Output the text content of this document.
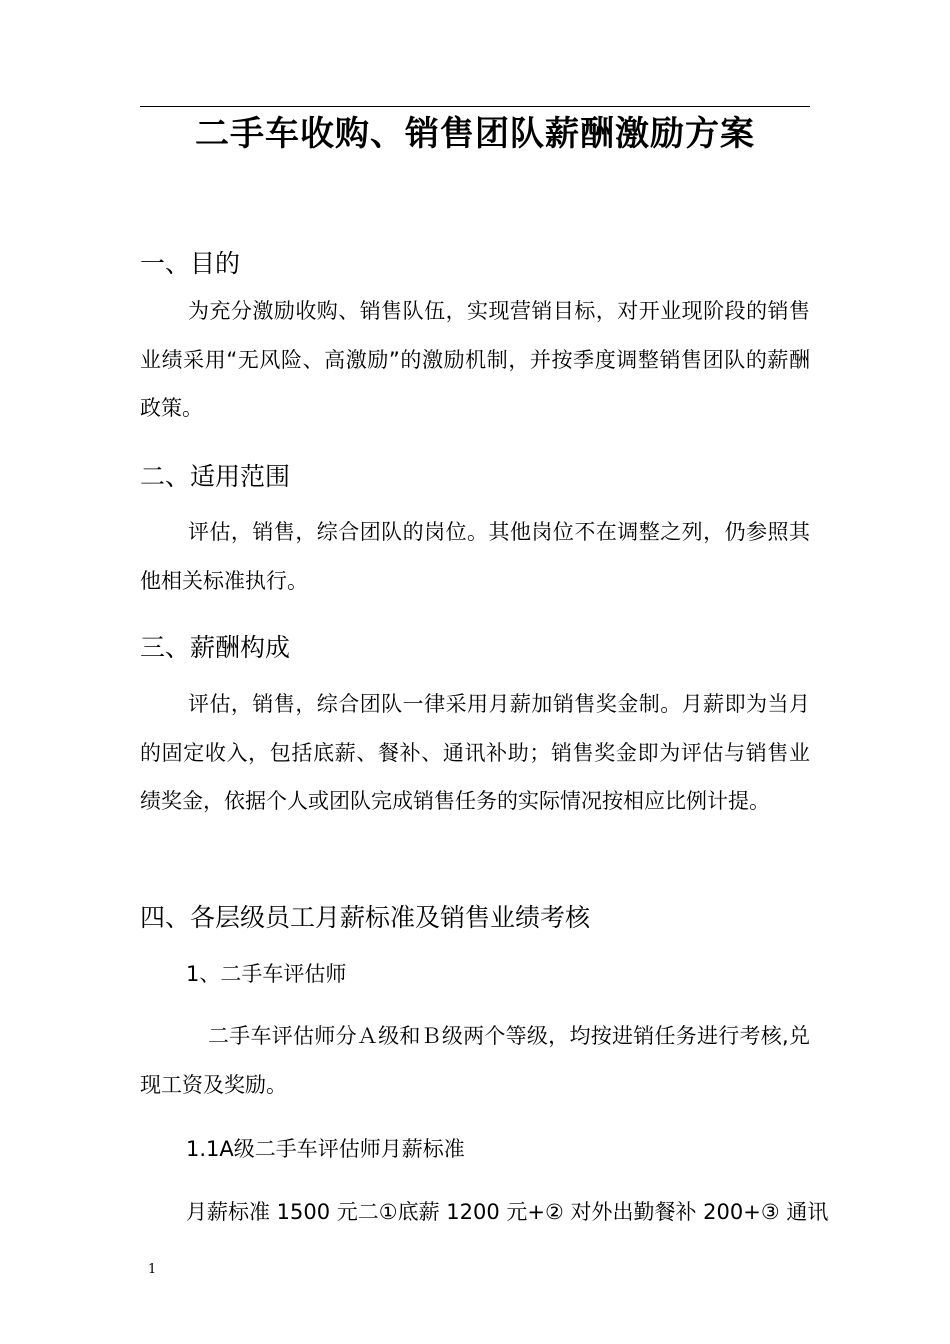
二手车收购、销售团队薪酬激励方案
一、目的
为充分激励收购、销售队伍，实现营销目标，对开业现阶段的销售业绩采用“无风险、高激励”的激励机制，并按季度调整销售团队的薪酬政策。
二、适用范围
评估，销售，综合团队的岗位。其他岗位不在调整之列，仍参照其他相关标准执行。
三、薪酬构成
评估，销售，综合团队一律采用月薪加销售奖金制。月薪即为当月的固定收入，包括底薪、餐补、通讯补助；销售奖金即为评估与销售业绩奖金，依据个人或团队完成销售任务的实际情况按相应比例计提。
四、各层级员工月薪标准及销售业绩考核
1、二手车评估师
二手车评估师分Ａ级和Ｂ级两个等级，均按进销任务进行考核,兑现工资及奖励。
1.1A级二手车评估师月薪标准
月薪标准 1500 元二①底薪 1200 元+② 对外出勤餐补 200+③ 通讯
1
